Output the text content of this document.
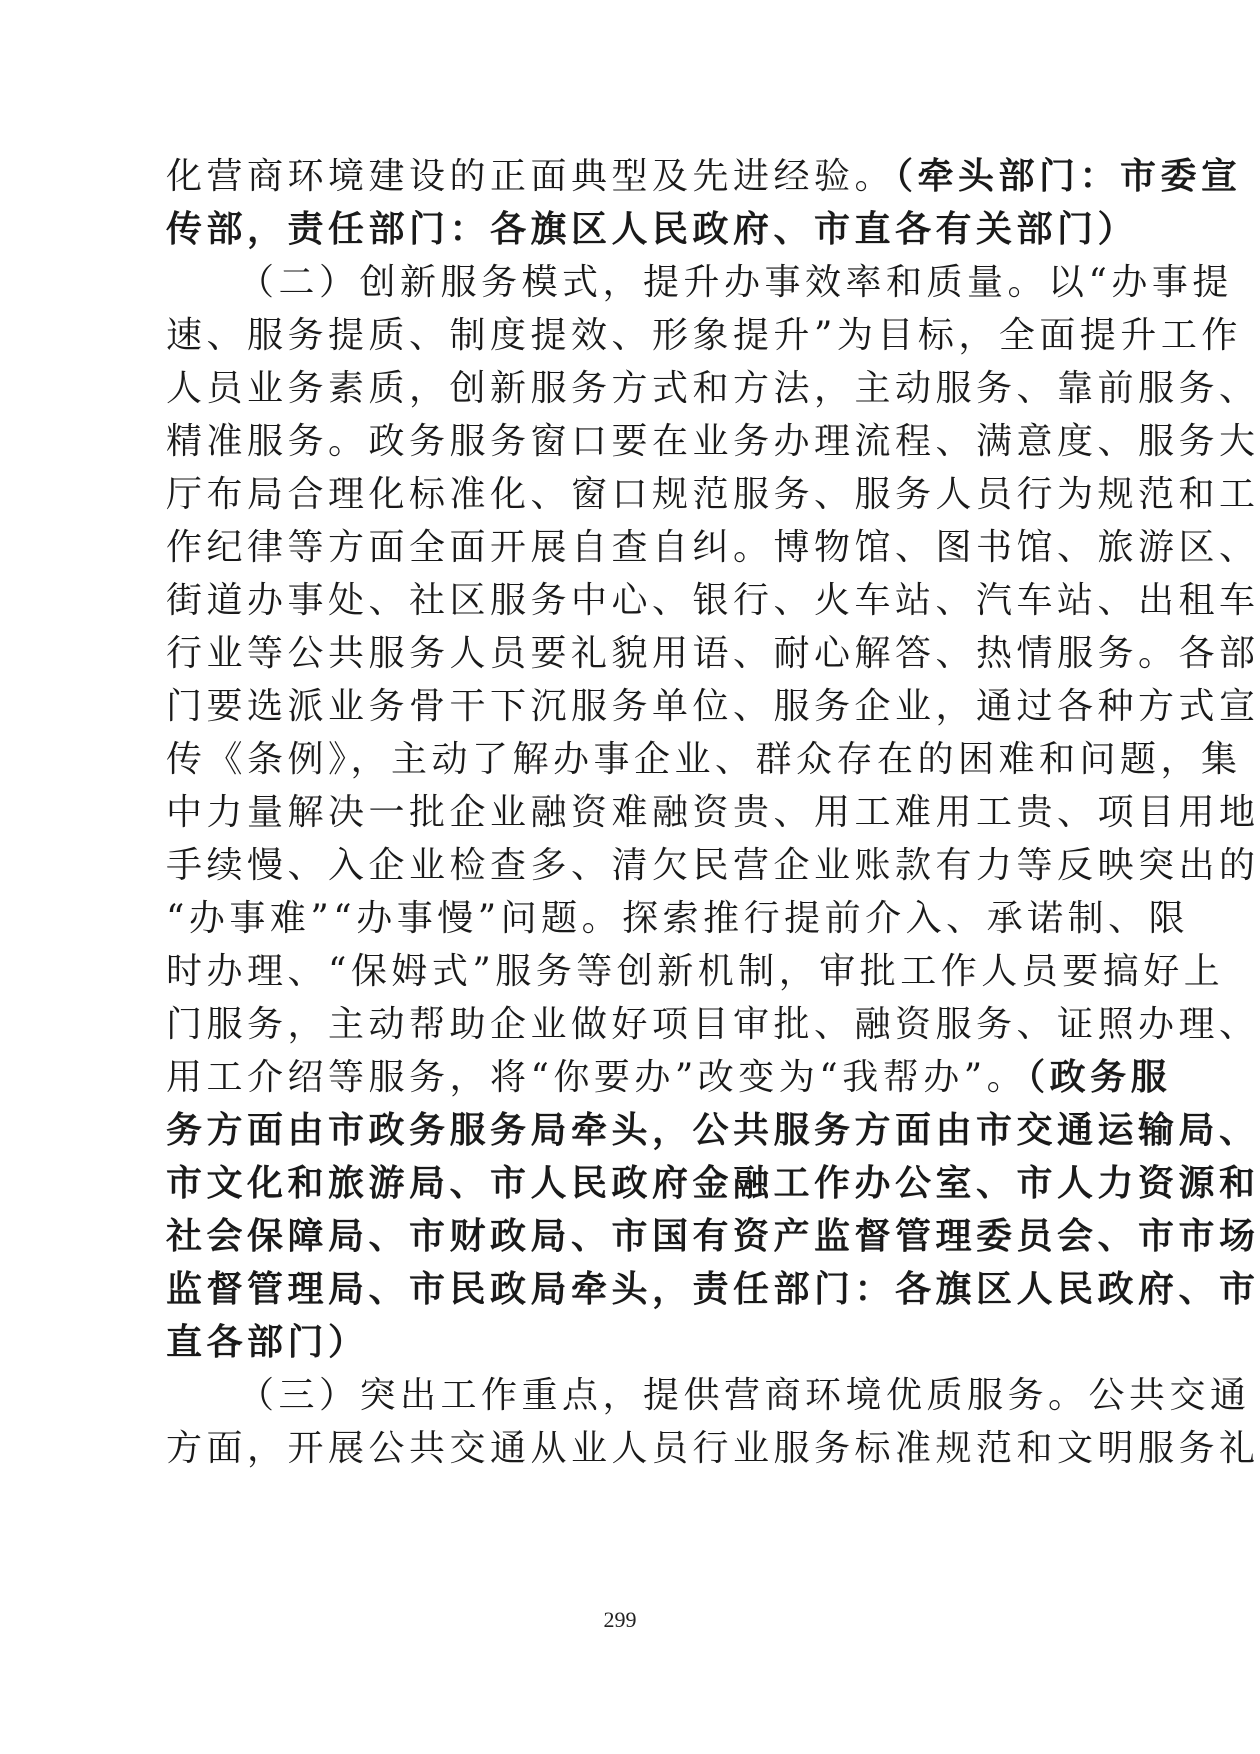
化营商环境建设的正面典型及先进经验。（牵头部门：市委宣
传部，责任部门：各旗区人民政府、市直各有关部门）
（二）创新服务模式，提升办事效率和质量。以“办事提
速、服务提质、制度提效、形象提升”为目标，全面提升工作
人员业务素质，创新服务方式和方法，主动服务、靠前服务、
精准服务。政务服务窗口要在业务办理流程、满意度、服务大
厅布局合理化标准化、窗口规范服务、服务人员行为规范和工
作纪律等方面全面开展自查自纠。博物馆、图书馆、旅游区、
街道办事处、社区服务中心、银行、火车站、汽车站、出租车
行业等公共服务人员要礼貌用语、耐心解答、热情服务。各部
门要选派业务骨干下沉服务单位、服务企业，通过各种方式宣
传《条例》，主动了解办事企业、群众存在的困难和问题，集
中力量解决一批企业融资难融资贵、用工难用工贵、项目用地
手续慢、入企业检查多、清欠民营企业账款有力等反映突出的
“办事难”“办事慢”问题。探索推行提前介入、承诺制、限
时办理、“保姆式”服务等创新机制，审批工作人员要搞好上
门服务，主动帮助企业做好项目审批、融资服务、证照办理、
用工介绍等服务，将“你要办”改变为“我帮办”。（政务服
务方面由市政务服务局牵头，公共服务方面由市交通运输局、
市文化和旅游局、市人民政府金融工作办公室、市人力资源和
社会保障局、市财政局、市国有资产监督管理委员会、市市场
监督管理局、市民政局牵头，责任部门：各旗区人民政府、市
直各部门）
（三）突出工作重点，提供营商环境优质服务。公共交通
方面，开展公共交通从业人员行业服务标准规范和文明服务礼
299
